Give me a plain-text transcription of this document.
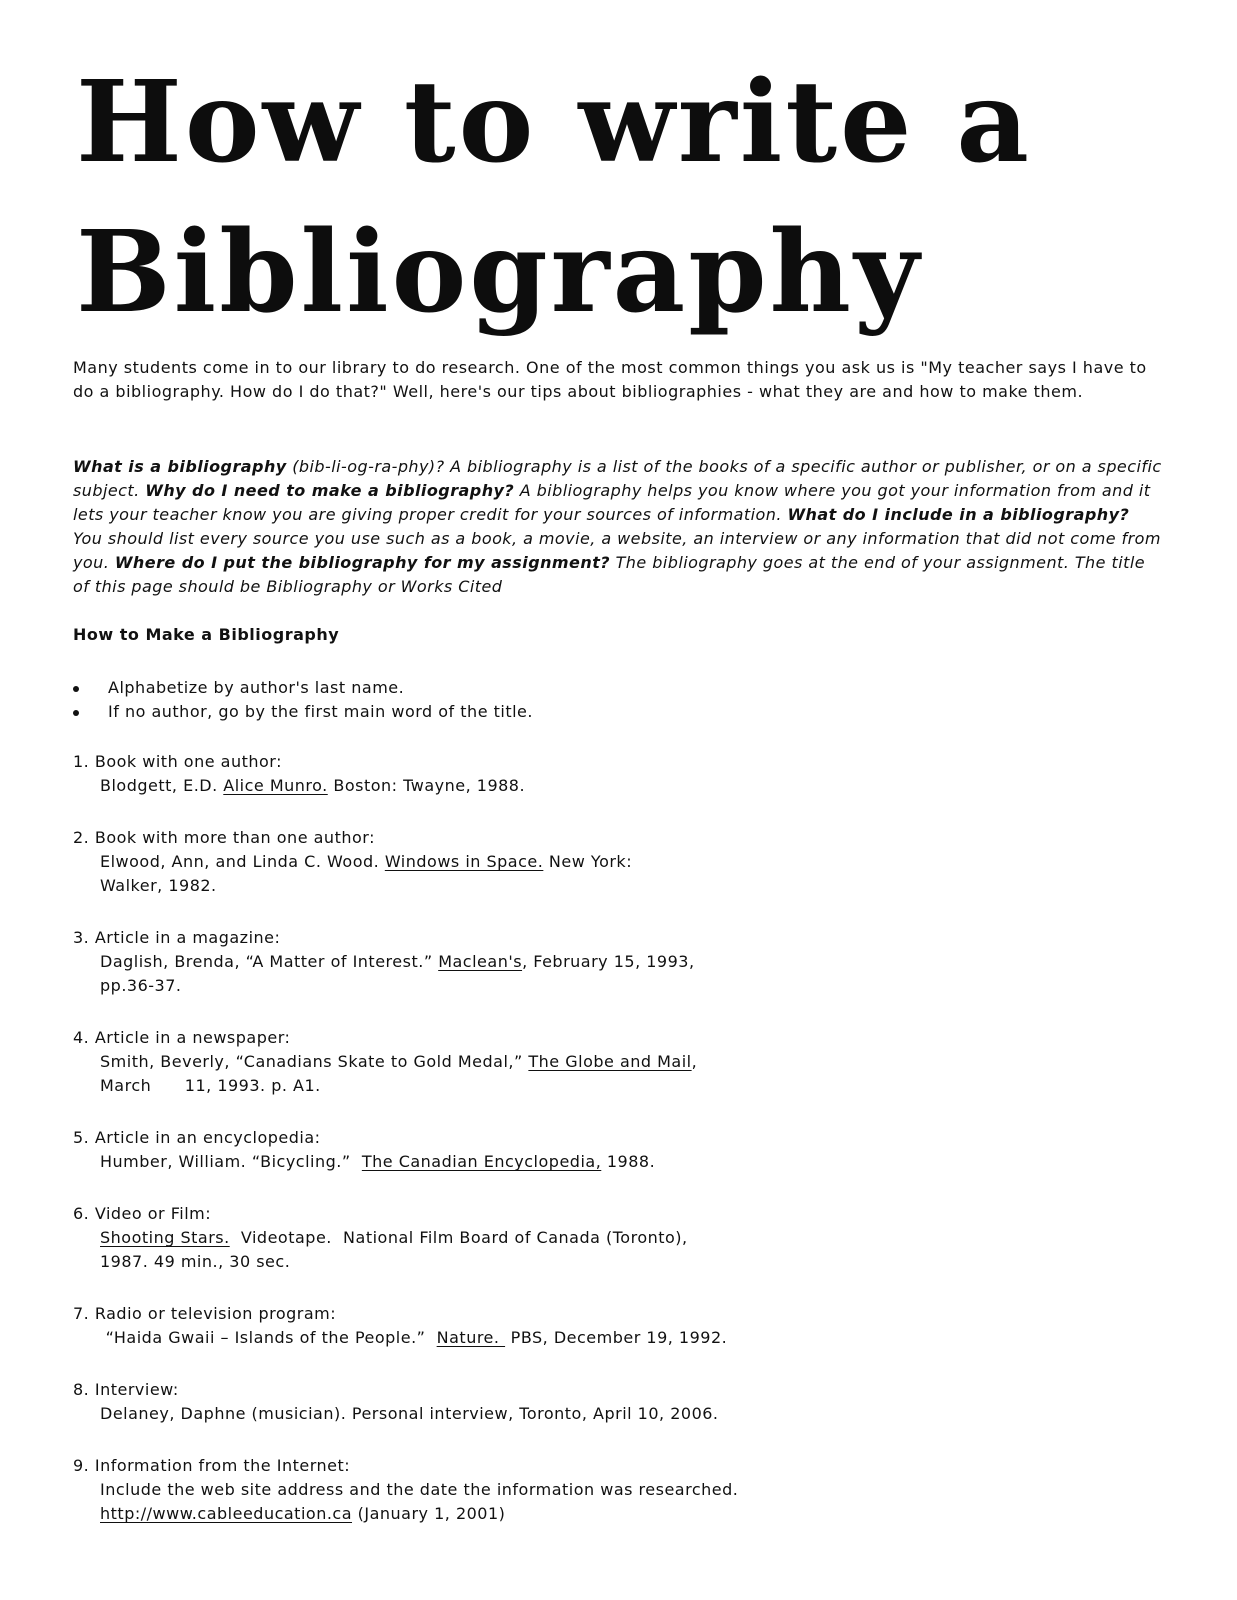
How to write a
Bibliography

Many students come in to our library to do research. One of the most common things you ask us is "My teacher says I have to do a bibliography. How do I do that?" Well, here's our tips about bibliographies - what they are and how to make them.

What is a bibliography (bib-li-og-ra-phy)? A bibliography is a list of the books of a specific author or publisher, or on a specific subject. Why do I need to make a bibliography? A bibliography helps you know where you got your information from and it lets your teacher know you are giving proper credit for your sources of information. What do I include in a bibliography? You should list every source you use such as a book, a movie, a website, an interview or any information that did not come from you. Where do I put the bibliography for my assignment? The bibliography goes at the end of your assignment. The title of this page should be Bibliography or Works Cited

How to Make a Bibliography
Alphabetize by author's last name.
If no author, go by the first main word of the title.
1. Book with one author:
Blodgett, E.D. Alice Munro. Boston: Twayne, 1988.
2. Book with more than one author:
Elwood, Ann, and Linda C. Wood. Windows in Space. New York:
Walker, 1982.
3. Article in a magazine:
Daglish, Brenda, “A Matter of Interest.” Maclean's, February 15, 1993,
pp.36-37.
4. Article in a newspaper:
Smith, Beverly, “Canadians Skate to Gold Medal,” The Globe and Mail,
March      11, 1993. p. A1.
5. Article in an encyclopedia:
Humber, William. “Bicycling.”  The Canadian Encyclopedia, 1988.
6. Video or Film:
Shooting Stars.  Videotape.  National Film Board of Canada (Toronto),
1987. 49 min., 30 sec.
7. Radio or television program:
“Haida Gwaii – Islands of the People.”  Nature.  PBS, December 19, 1992.
8. Interview:
Delaney, Daphne (musician). Personal interview, Toronto, April 10, 2006.
9. Information from the Internet:
Include the web site address and the date the information was researched.
http://www.cableeducation.ca (January 1, 2001)
